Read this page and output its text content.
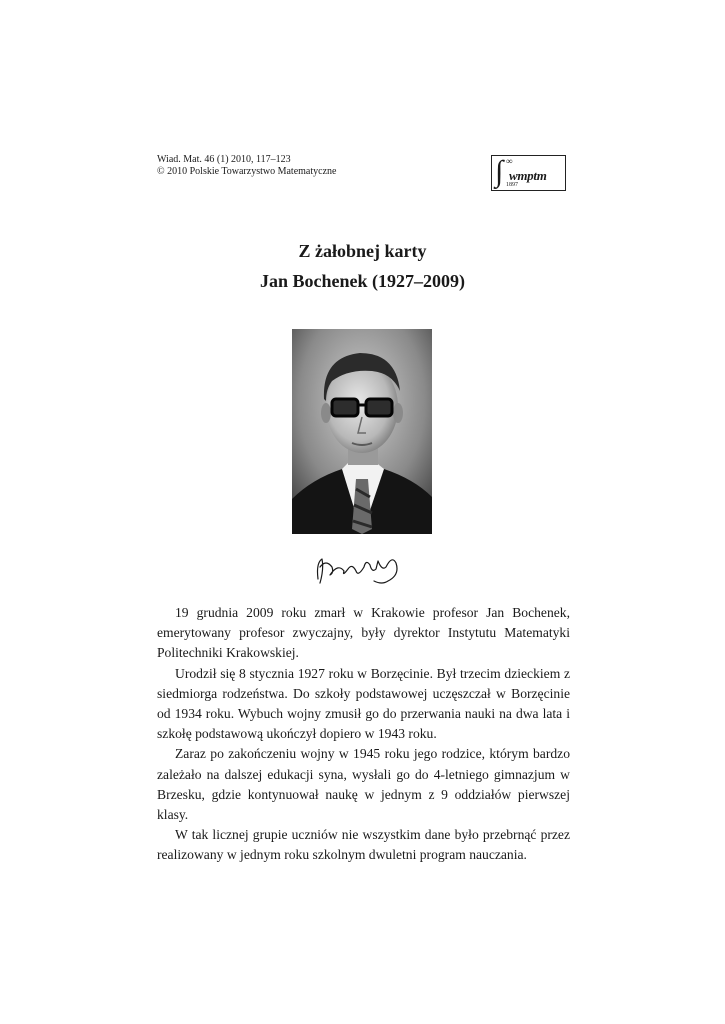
Wiad. Mat. 46 (1) 2010, 117–123
© 2010 Polskie Towarzystwo Matematyczne	∫ ∞
wmptm
1897
Z żałobnej karty
Jan Bochenek (1927–2009)

19 grudnia 2009 roku zmarł w Krakowie profesor Jan Bochenek, emerytowany profesor zwyczajny, były dyrektor Instytutu Matematyki Politechniki Krakowskiej.

Urodził się 8 stycznia 1927 roku w Borzęcinie. Był trzecim dzieckiem z siedmiorga rodzeństwa. Do szkoły podstawowej uczęszczał w Borzęcinie od 1934 roku. Wybuch wojny zmusił go do przerwania nauki na dwa lata i szkołę podstawową ukończył dopiero w 1943 roku.

Zaraz po zakończeniu wojny w 1945 roku jego rodzice, którym bardzo zależało na dalszej edukacji syna, wysłali go do 4-letniego gimnazjum w Brzesku, gdzie kontynuował naukę w jednym z 9 oddziałów pierwszej klasy.

W tak licznej grupie uczniów nie wszystkim dane było przebrnąć przez realizowany w jednym roku szkolnym dwuletni program nauczania.
